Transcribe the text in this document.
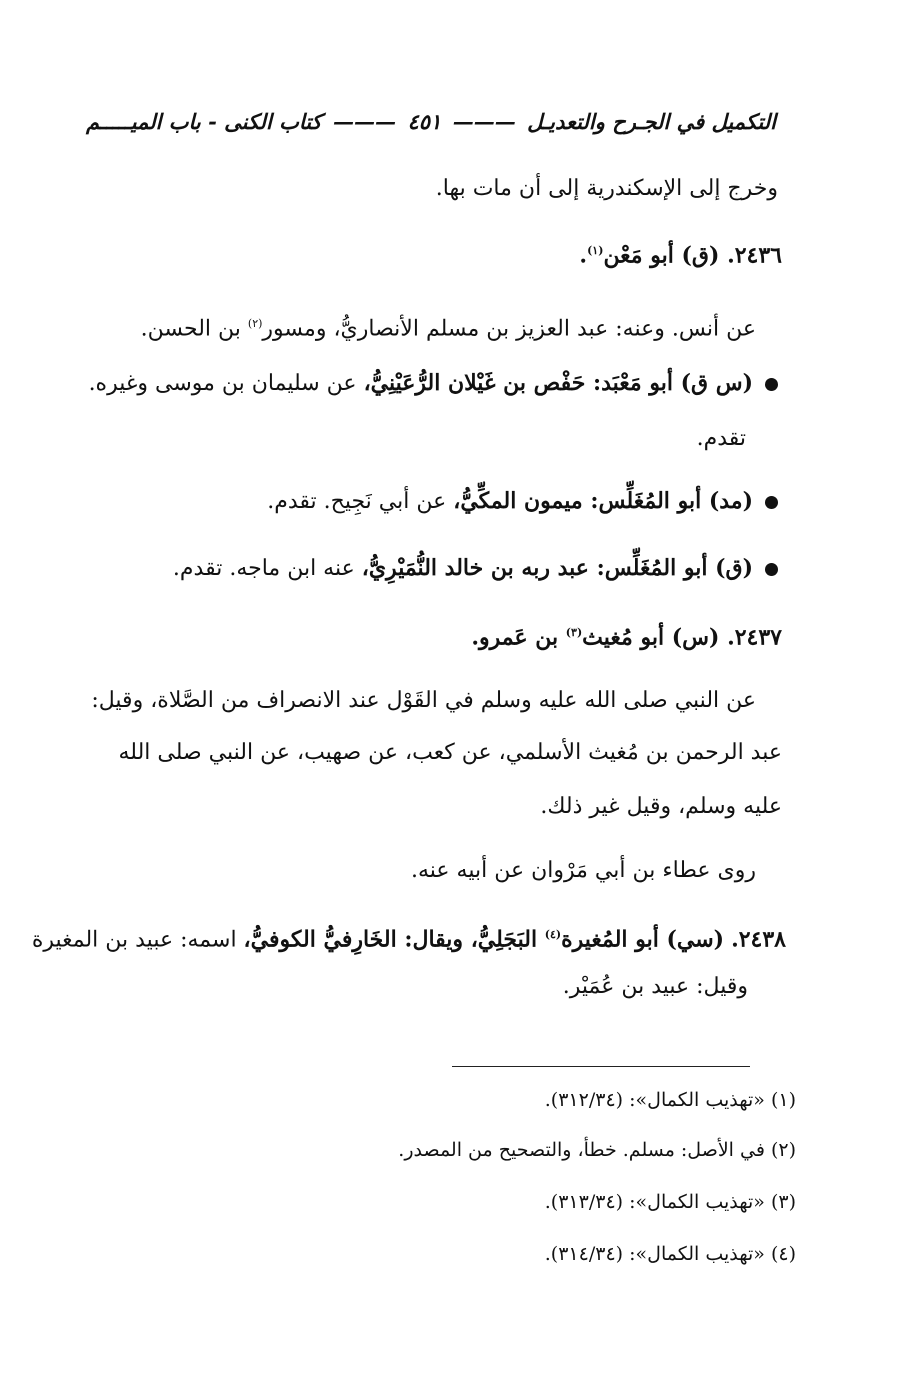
التكميل في الجـرح والتعديـل
———
٤٥١
———
كتاب الكنى - باب الميـــــم
وخرج إلى الإسكندرية إلى أن مات بها.
٢٤٣٦. (ق) أبو مَعْن$^{(١)}$.
عن أنس. وعنه: عبد العزيز بن مسلم الأنصاريُّ، ومسور$^{(٢)}$ بن الحسن.
(س ق) أبو مَعْبَد: حَفْص بن غَيْلان الرُّعَيْنِيُّ، عن سليمان بن موسى وغيره.
تقدم.
(مد) أبو المُغَلِّس: ميمون المكِّيُّ، عن أبي نَجِيح. تقدم.
(ق) أبو المُغَلِّس: عبد ربه بن خالد النُّمَيْرِيُّ، عنه ابن ماجه. تقدم.
٢٤٣٧. (س) أبو مُغيث$^{(٣)}$ بن عَمرو.
عن النبي صلى الله عليه وسلم في القَوْل عند الانصراف من الصَّلاة، وقيل:
عبد الرحمن بن مُغيث الأسلمي، عن كعب، عن صهيب، عن النبي صلى الله
عليه وسلم، وقيل غير ذلك.
روى عطاء بن أبي مَرْوان عن أبيه عنه.
٢٤٣٨. (سي) أبو المُغيرة$^{(٤)}$ البَجَلِيُّ، ويقال: الخَارِفيُّ الكوفيُّ، اسمه: عبيد بن المغيرة
وقيل: عبيد بن عُمَيْر.
(١) «تهذيب الكمال»: (٣١٢/٣٤).
(٢) في الأصل: مسلم. خطأ، والتصحيح من المصدر.
(٣) «تهذيب الكمال»: (٣١٣/٣٤).
(٤) «تهذيب الكمال»: (٣١٤/٣٤).
